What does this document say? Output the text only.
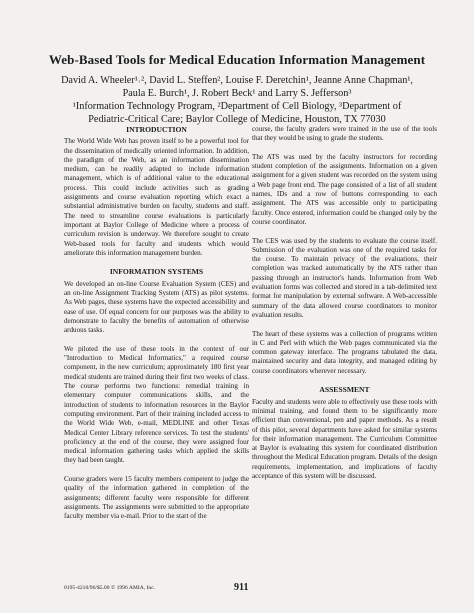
Web-Based Tools for Medical Education Information Management
David A. Wheeler¹˒², David L. Steffen², Louise F. Deretchin¹, Jeanne Anne Chapman¹,
Paula E. Burch¹, J. Robert Beck¹ and Larry S. Jefferson³
¹Information Technology Program, ²Department of Cell Biology, ³Department of
Pediatric-Critical Care; Baylor College of Medicine, Houston, TX 77030
INTRODUCTION

The World Wide Web has proven itself to be a powerful tool for the dissemination of medically oriented information. In addition, the paradigm of the Web, as an information dissemination medium, can be readily adapted to include information management, which is of additional value to the educational process. This could include activities such as grading assignments and course evaluation reporting which exact a substantial administrative burden on faculty, students and staff. The need to streamline course evaluations is particularly important at Baylor College of Medicine where a process of curriculum revision is underway. We therefore sought to create Web-based tools for faculty and students which would ameliorate this information management burden.

INFORMATION SYSTEMS

We developed an on-line Course Evaluation System (CES) and an on-line Assignment Tracking System (ATS) as pilot systems. As Web pages, these systems have the expected accessibility and ease of use. Of equal concern for our purposes was the ability to demonstrate to faculty the benefits of automation of otherwise arduous tasks.

We piloted the use of these tools in the context of our "Introduction to Medical Informatics," a required course component, in the new curriculum; approximately 180 first year medical students are trained during their first two weeks of class. The course performs two functions: remedial training in elementary computer communications skills, and the introduction of students to information resources in the Baylor computing environment. Part of their training included access to the World Wide Web, e-mail, MEDLINE and other Texas Medical Center Library reference services. To test the students' proficiency at the end of the course, they were assigned four medical information gathering tasks which applied the skills they had been taught.

Course graders were 15 faculty members competent to judge the quality of the information gathered in completion of the assignments; different faculty were responsible for different assignments. The assignments were submitted to the appropriate faculty member via e-mail. Prior to the start of the

course, the faculty graders were trained in the use of the tools that they would be using to grade the students.

The ATS was used by the faculty instructors for recording student completion of the assignments. Information on a given assignment for a given student was recorded on the system using a Web page front end. The page consisted of a list of all student names, IDs and a row of buttons corresponding to each assignment. The ATS was accessible only to participating faculty. Once entered, information could be changed only by the course coordinator.

The CES was used by the students to evaluate the course itself. Submission of the evaluation was one of the required tasks for the course. To maintain privacy of the evaluations, their completion was tracked automatically by the ATS rather than passing through an instructor's hands. Information from Web evaluation forms was collected and stored in a tab-delimited text format for manipulation by external software. A Web-accessible summary of the data allowed course coordinators to monitor evaluation results.

The heart of these systems was a collection of programs written in C and Perl with which the Web pages communicated via the common gateway interface. The programs tabulated the data, maintained security and data integrity, and managed editing by course coordinators wherever necessary.

ASSESSMENT

Faculty and students were able to effectively use these tools with minimal training, and found them to be significantly more efficient than conventional, pen and paper methods. As a result of this pilot, several departments have asked for similar systems for their information management. The Curriculum Committee at Baylor is evaluating this system for coordinated distribution throughout the Medical Education program. Details of the design requirements, implementation, and implications of faculty acceptance of this system will be discussed.

0195-4210/96/$5.00 © 1996 AMIA, Inc.	911
